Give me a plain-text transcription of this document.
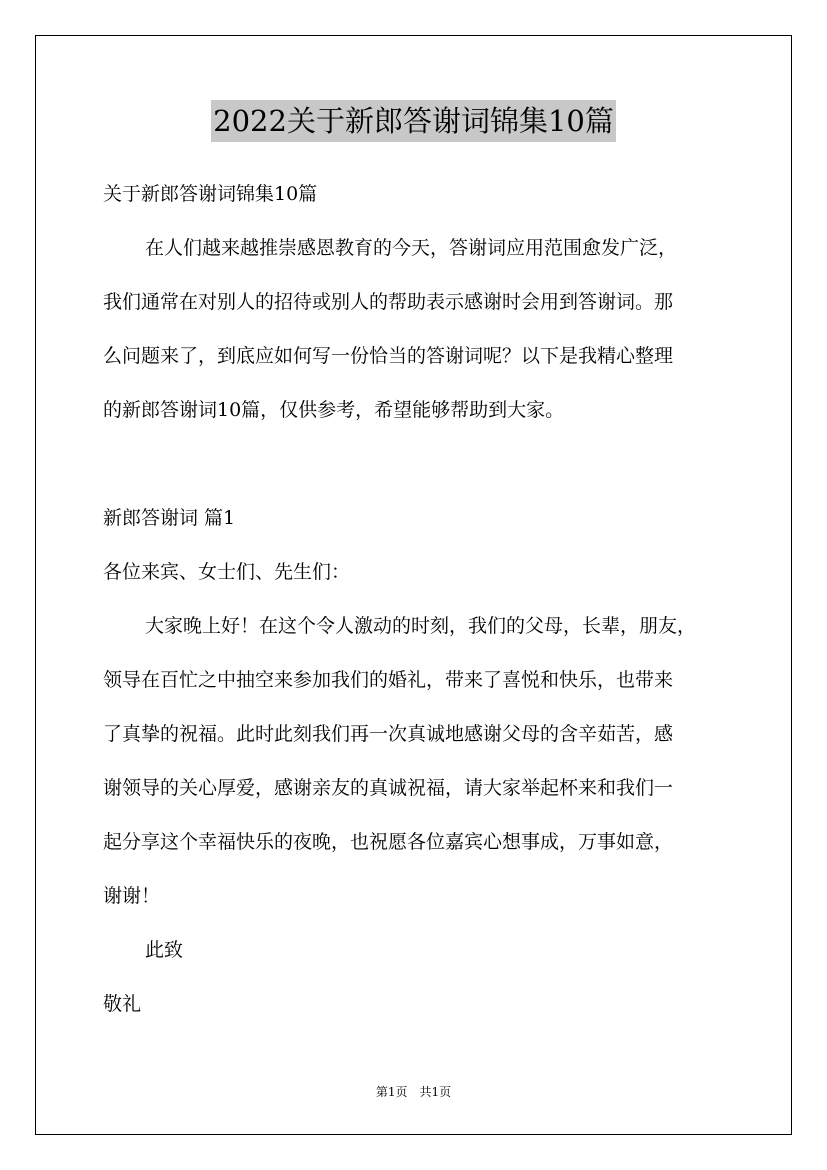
2022关于新郎答谢词锦集10篇
关于新郎答谢词锦集10篇
在人们越来越推崇感恩教育的今天，答谢词应用范围愈发广泛，
我们通常在对别人的招待或别人的帮助表示感谢时会用到答谢词。那
么问题来了，到底应如何写一份恰当的答谢词呢？以下是我精心整理
的新郎答谢词10篇，仅供参考，希望能够帮助到大家。
新郎答谢词 篇1
各位来宾、女士们、先生们：
大家晚上好！在这个令人激动的时刻，我们的父母，长辈，朋友，
领导在百忙之中抽空来参加我们的婚礼，带来了喜悦和快乐，也带来
了真挚的祝福。此时此刻我们再一次真诚地感谢父母的含辛茹苦，感
谢领导的关心厚爱，感谢亲友的真诚祝福，请大家举起杯来和我们一
起分享这个幸福快乐的夜晚，也祝愿各位嘉宾心想事成，万事如意，
谢谢！
此致
敬礼
第1页 共1页
